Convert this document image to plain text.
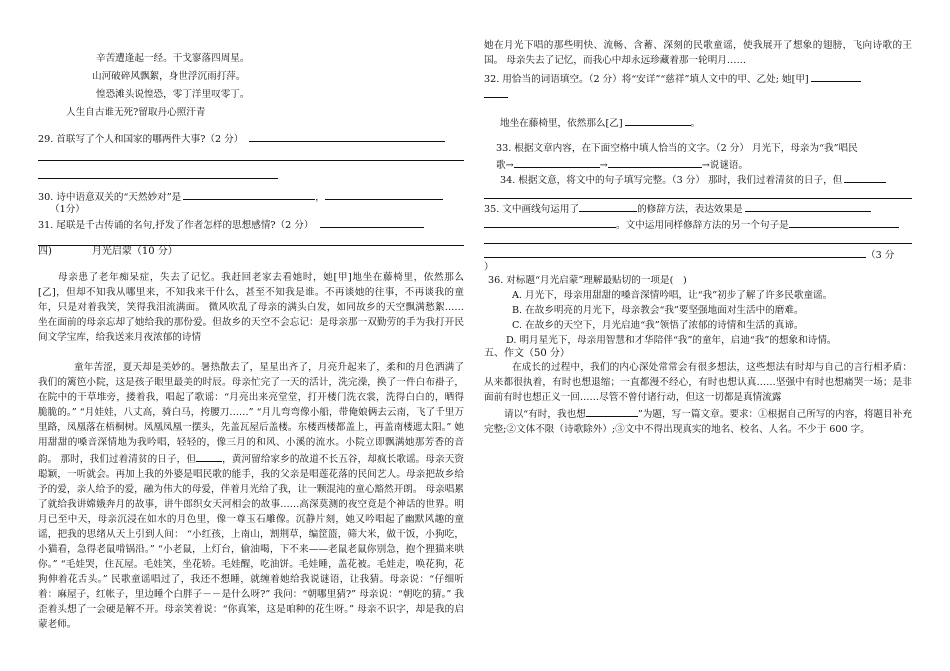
辛苦遭逢起一经。干戈寥落四周星。
山河破碎风飘絮，身世浮沉雨打萍。
惶恐滩头说惶恐，零丁洋里叹零丁。
人生自古谁无死?留取丹心照汗青
29. 首联写了个人和国家的哪两件大事?（2 分）
30. 诗中语意双关的“天然妙对”是	，
（1分）
31. 尾联是千古传诵的名句,抒发了作者怎样的思想感情?（2 分）
四)　　　　月光启蒙（10 分）

母亲患了老年痴呆症，失去了记忆。我赶回老家去看她时，她[甲]地坐在藤椅里，依然那么[乙]，但却不知我从哪里来，不知我来干什么，甚至不知我是谁。不再谈她的往事，不再谈我的童年，只是对着我笑，笑得我泪流满面。 微风吹乱了母亲的满头白发，如同故乡的天空飘满愁絮…… 坐在面前的母亲忘却了她给我的那份爱。但故乡的天空不会忘记：是母亲那一双勤劳的手为我打开民间文学宝库，给我送来月夜浓郁的诗情

童年苦涩，夏天却是美妙的。暑热散去了，星星出齐了，月亮升起来了，柔和的月色洒满了我们的篱笆小院，这是孩子眼里最美的时辰。母亲忙完了一天的活计，洗完澡，换了一件白布褂子，在院中的干草堆旁，搂着我，唱起了歌谣：“月亮出来亮堂堂，打开楼门洗衣裳，洗得白白的，晒得脆脆的。” “月娃娃，八丈高，骑白马，挎腰刀……” “月儿弯弯像小船，带俺娘俩去云南，飞了千里万里路，凤凰落在梧桐树。凤凰凤凰一摆头，先盖瓦屋后盖楼。东楼西楼都盖上，再盖南楼遮太阳。” 她用甜甜的嗓音深情地为我吟唱，轻轻的，像三月的和风、小溪的流水。小院立即飘满她那芳香的音韵。 那时，我们过着清贫的日子，但	，黄河留给家乡的故道不长五谷，却疯长歌谣。母亲天资聪颖，一听就会。再加上我的外婆是唱民歌的能手，我的父亲是唱莲花落的民间艺人。母亲把故乡给予的爱，亲人给予的爱，融为伟大的母爱，伴着月光给了我，让一颗混沌的童心豁然开朗。 母亲唱累了就给我讲嫦娥奔月的故事，讲牛郎织女天河相会的故事……高深莫测的夜空竟是个神话的世界。明月已至中天，母亲沉浸在如水的月色里，像一尊玉石雕像。沉静片刻，她又吟唱起了幽默风趣的童谣，把我的思绪从天上引到人间： “小红孩，上南山，割荆草，编筐篮，筛大米，做干饭，小狗吃，小猫看，急得老鼠啃锅沿。” “小老鼠，上灯台，偷油喝，下不来——老鼠老鼠你别急，抱个狸猫来哄你。” “毛娃哭，住瓦屋。毛娃笑，坐花轿。毛娃醒，吃油饼。毛娃睡，盖花被。毛娃走，唤花狗，花狗伸着花舌头。” 民歌童谣唱过了，我还不想睡，就缠着她给我说谜语，让我猜。母亲说：“仔细听着：麻屋子，红帐子，里边睡个白胖子－－是什么呀?” 我问：“朝哪里猜?” 母亲说：“朝吃的猜。” 我歪着头想了一会硬是解不开。母亲笑着说：“你真笨，这是咱种的花生呀。” 母亲不识字，却是我的启蒙老师。

她在月光下唱的那些明快、流畅、含蓄、深刻的民歌童谣，使我展开了想象的翅膀，飞向诗歌的王国。 母亲失去了记忆，而我心中却永远珍藏着那一轮明月……

32. 用恰当的词语填空。（2 分）将“安详”“慈祥”填人文中的甲、乙处; 她[甲]
地坐在藤椅里，依然那么[乙]	。
33. 根据文章内容，在下面空格中填人恰当的文字。（2 分） 月光下，母亲为“我”唱民
歌→	→	→说谜语。
34. 根据文意，将文中的句子填写完整。（3 分） 那时，我们过着清贫的日子，但
35. 文中画线句运用了	的修辞方法，表达效果是
。文中运用同样修辞方法的另一个句子是
（3 分
）
36. 对标题“月光启蒙”理解最贴切的一项是(　)
A. 月光下，母亲用甜甜的嗓音深情吟唱，让“我”初步了解了许多民歌童谣。
B. 在故乡明亮的月光下，母亲教会“我”要坚强地面对生活中的磨难。
C. 在故乡的天空下，月光启迪“我”领悟了浓郁的诗情和生活的真谛。
D. 明月星光下，母亲用智慧和才华陪伴“我”的童年，启迪“我”的想象和诗情。
五、作文（50 分）

在成长的过程中，我们的内心深处常常会有很多想法，这些想法有时却与自己的言行相矛盾：从来都很执着，有时也想退缩；一直都漫不经心，有时也想认真……坚强中有时也想痛哭一场；是非面前有时也想正义一回……尽管不曾付诸行动，但这一切都是真情流露

请以“有时，我也想	”为题，写一篇文章。要求：①根据自己所写的内容，将题目补充完整;②文体不限（诗歌除外）;③文中不得出现真实的地名、校名、人名。不少于 600 字。
